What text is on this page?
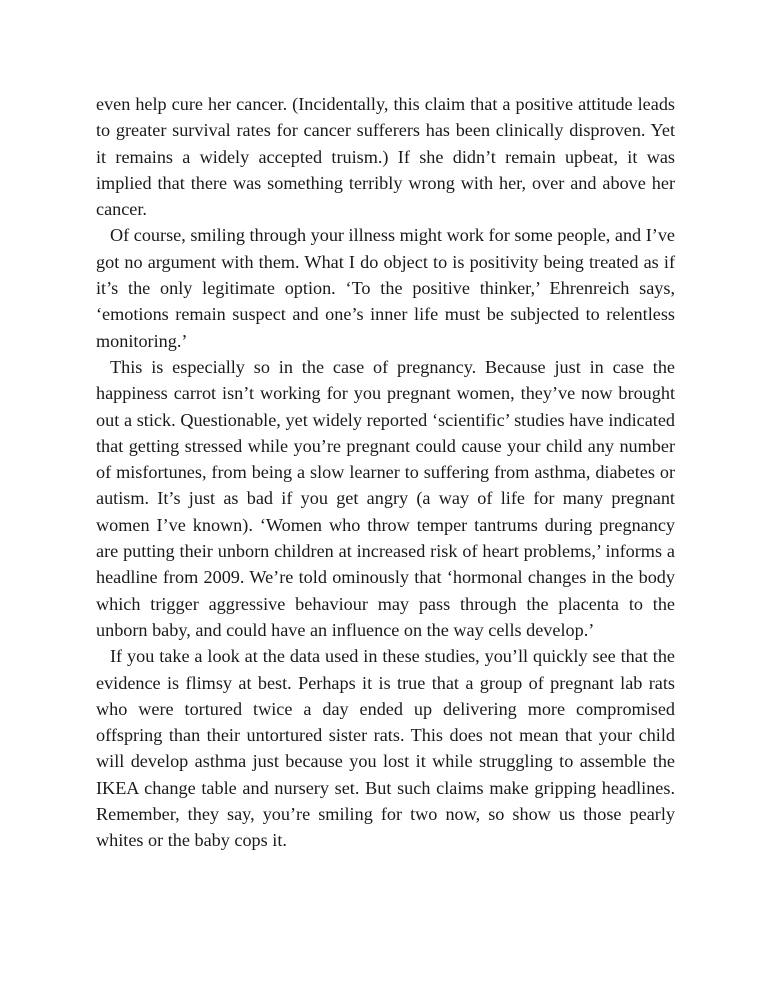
even help cure her cancer. (Incidentally, this claim that a positive attitude leads to greater survival rates for cancer sufferers has been clinically disproven. Yet it remains a widely accepted truism.) If she didn’t remain upbeat, it was implied that there was something terribly wrong with her, over and above her cancer.

Of course, smiling through your illness might work for some people, and I’ve got no argument with them. What I do object to is positivity being treated as if it’s the only legitimate option. ‘To the positive thinker,’ Ehrenreich says, ‘emotions remain suspect and one’s inner life must be subjected to relentless monitoring.’

This is especially so in the case of pregnancy. Because just in case the happiness carrot isn’t working for you pregnant women, they’ve now brought out a stick. Questionable, yet widely reported ‘scientific’ studies have indicated that getting stressed while you’re pregnant could cause your child any number of misfortunes, from being a slow learner to suffering from asthma, diabetes or autism. It’s just as bad if you get angry (a way of life for many pregnant women I’ve known). ‘Women who throw temper tantrums during pregnancy are putting their unborn children at increased risk of heart problems,’ informs a headline from 2009. We’re told ominously that ‘hormonal changes in the body which trigger aggressive behaviour may pass through the placenta to the unborn baby, and could have an influence on the way cells develop.’

If you take a look at the data used in these studies, you’ll quickly see that the evidence is flimsy at best. Perhaps it is true that a group of pregnant lab rats who were tortured twice a day ended up delivering more compromised offspring than their untortured sister rats. This does not mean that your child will develop asthma just because you lost it while struggling to assemble the IKEA change table and nursery set. But such claims make gripping headlines. Remember, they say, you’re smiling for two now, so show us those pearly whites or the baby cops it.
